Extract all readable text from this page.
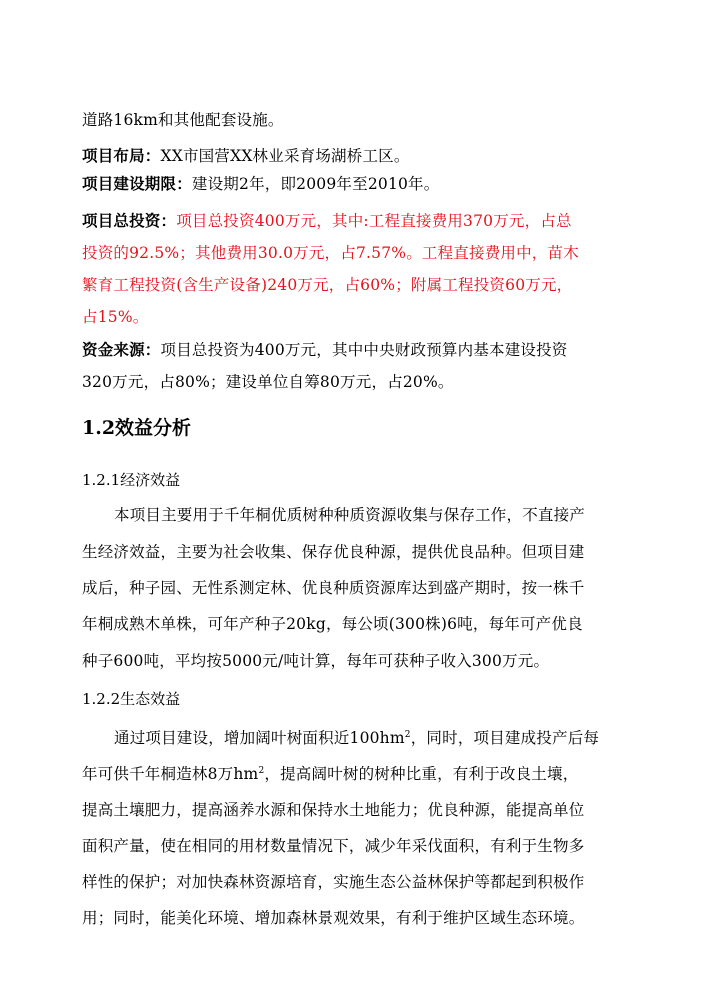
道路16km和其他配套设施。
项目布局：XX市国营XX林业采育场湖桥工区。
项目建设期限：建设期2年，即2009年至2010年。
项目总投资：项目总投资400万元，其中:工程直接费用370万元，占总
投资的92.5%；其他费用30.0万元，占7.57%。工程直接费用中，苗木
繁育工程投资(含生产设备)240万元，占60%；附属工程投资60万元，
占15%。
资金来源：项目总投资为400万元，其中中央财政预算内基本建设投资
320万元，占80%；建设单位自筹80万元，占20%。
1.2效益分析
1.2.1经济效益
本项目主要用于千年桐优质树种种质资源收集与保存工作，不直接产
生经济效益，主要为社会收集、保存优良种源，提供优良品种。但项目建
成后，种子园、无性系测定林、优良种质资源库达到盛产期时，按一株千
年桐成熟木单株，可年产种子20kg，每公顷(300株)6吨，每年可产优良
种子600吨，平均按5000元/吨计算，每年可获种子收入300万元。
1.2.2生态效益
通过项目建设，增加阔叶树面积近$100hm^2$，同时，项目建成投产后每
年可供千年桐造林8万$hm^2$，提高阔叶树的树种比重，有利于改良土壤，
提高土壤肥力，提高涵养水源和保持水土地能力；优良种源，能提高单位
面积产量，使在相同的用材数量情况下，减少年采伐面积，有利于生物多
样性的保护；对加快森林资源培育，实施生态公益林保护等都起到积极作
用；同时，能美化环境、增加森林景观效果，有利于维护区域生态环境。
